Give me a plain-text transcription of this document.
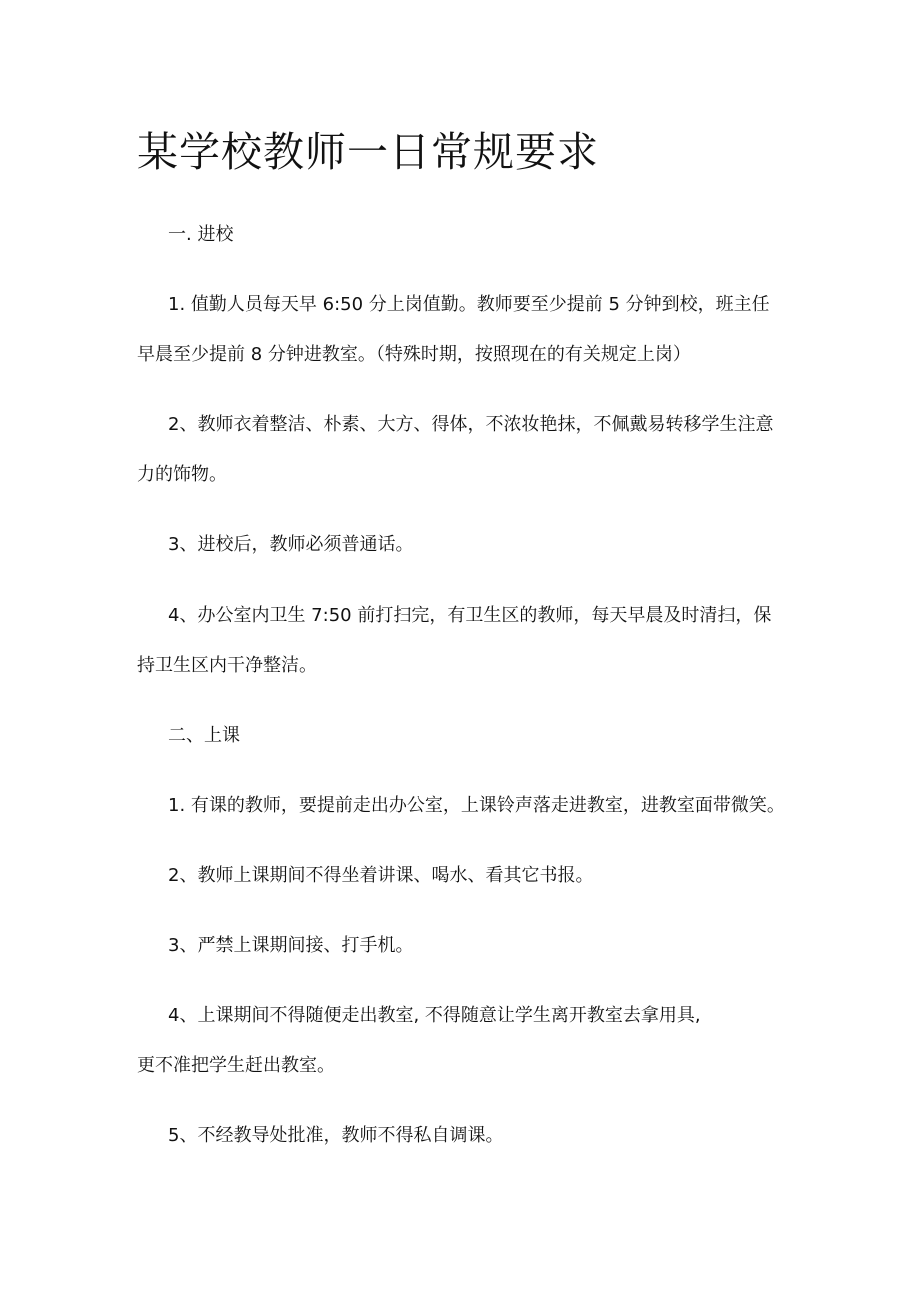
某学校教师一日常规要求

一. 进校

1. 值勤人员每天早 6:50 分上岗值勤。教师要至少提前 5 分钟到校，班主任

早晨至少提前 8 分钟进教室。（特殊时期，按照现在的有关规定上岗）

2、教师衣着整洁、朴素、大方、得体，不浓妆艳抹，不佩戴易转移学生注意

力的饰物。

3、进校后，教师必须普通话。

4、办公室内卫生 7:50 前打扫完，有卫生区的教师，每天早晨及时清扫，保

持卫生区内干净整洁。

二、上课

1. 有课的教师，要提前走出办公室，上课铃声落走进教室，进教室面带微笑。

2、教师上课期间不得坐着讲课、喝水、看其它书报。

3、严禁上课期间接、打手机。

4、上课期间不得随便走出教室, 不得随意让学生离开教室去拿用具,

更不准把学生赶出教室。

5、不经教导处批准，教师不得私自调课。
